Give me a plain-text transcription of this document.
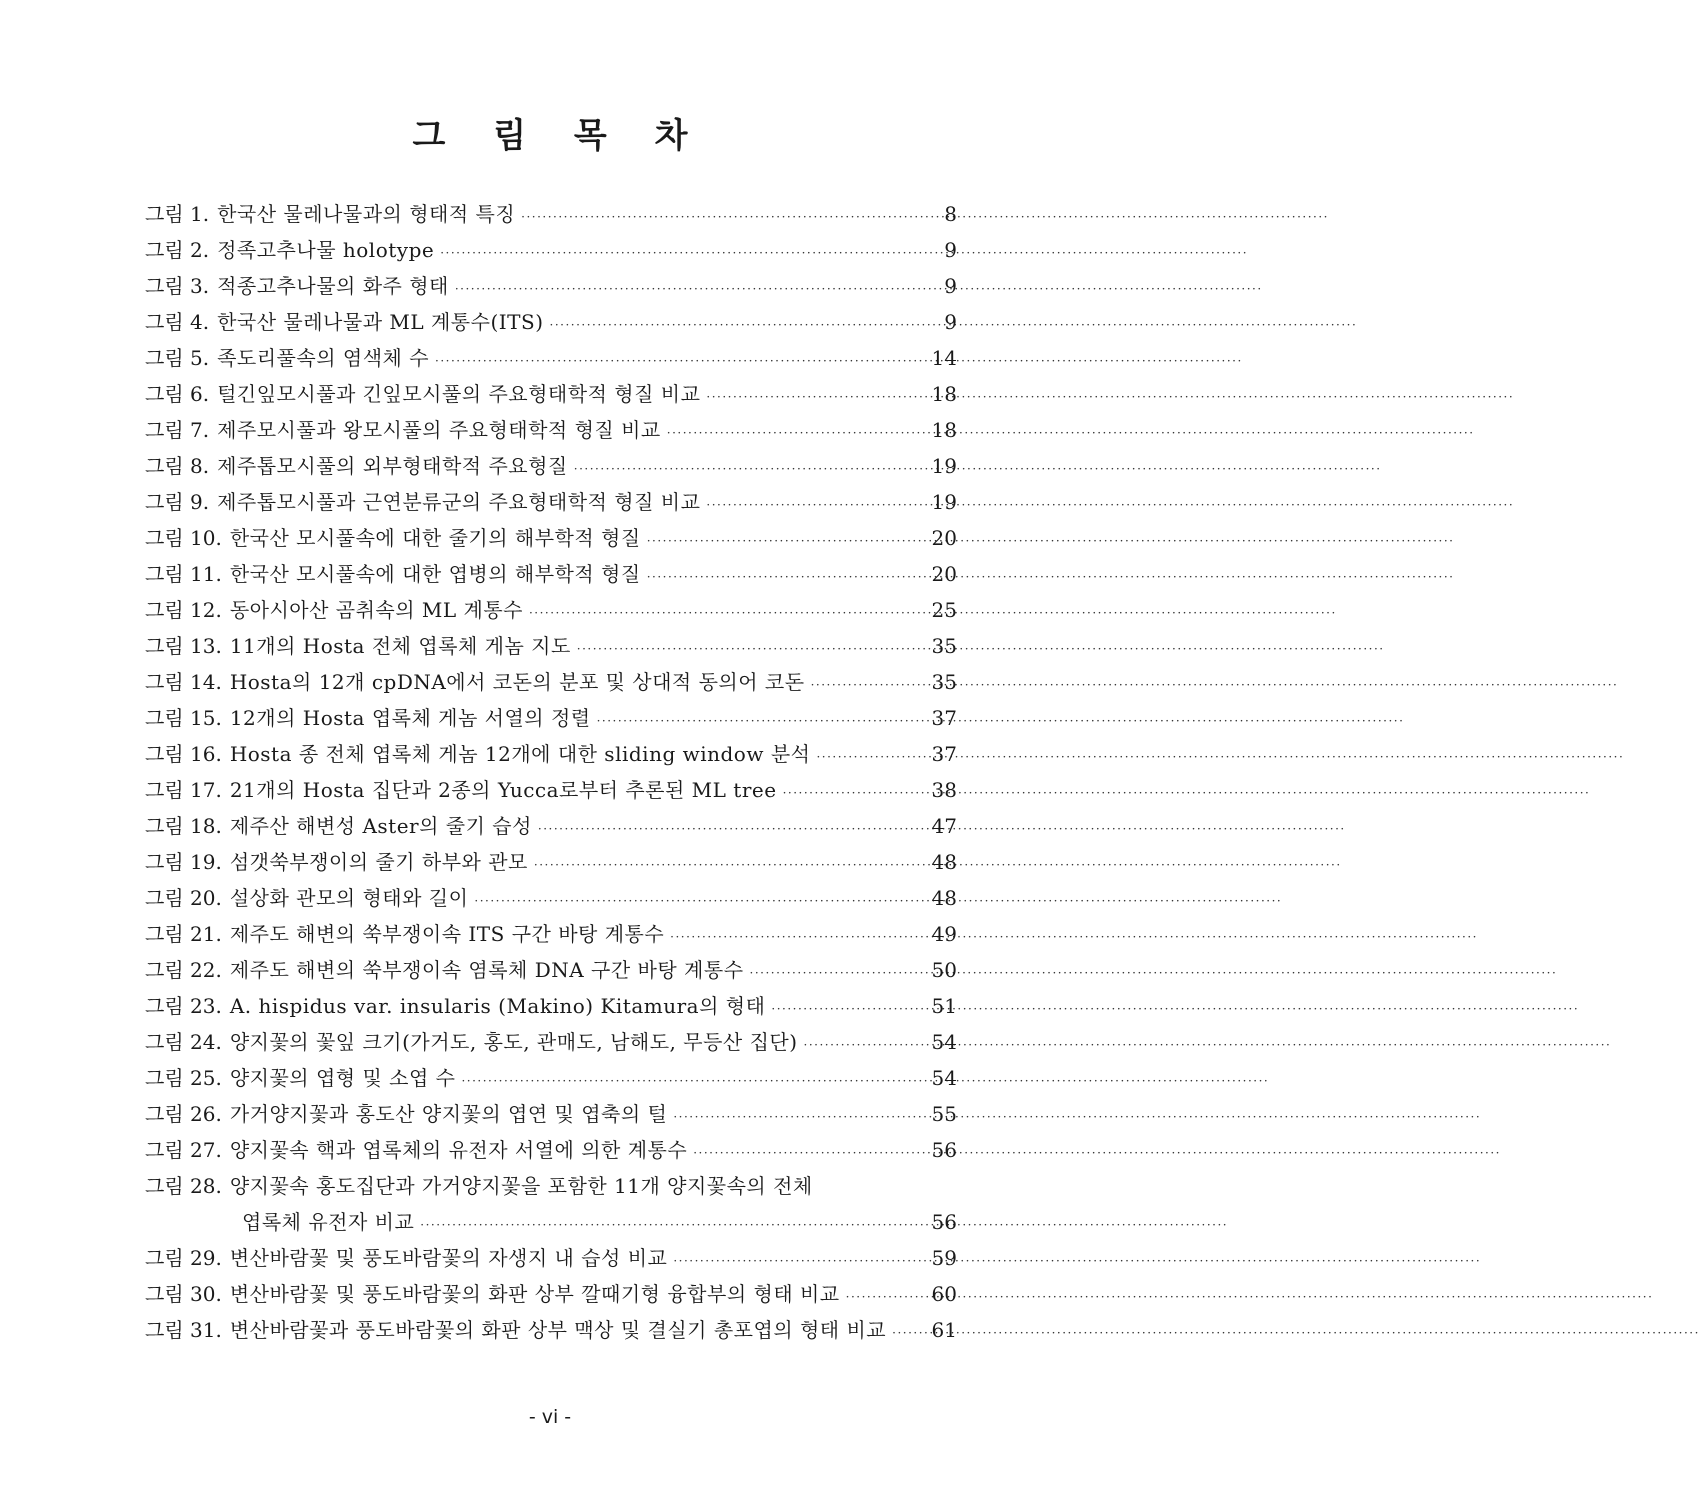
그 림 목 차
그림 1. 한국산 물레나물과의 형태적 특징 ·····	8
그림 2. 정족고추나물 holotype ·····	9
그림 3. 적종고추나물의 화주 형태 ·····	9
그림 4. 한국산 물레나물과 ML 계통수(ITS) ·····	9
그림 5. 족도리풀속의 염색체 수 ·····	14
그림 6. 털긴잎모시풀과 긴잎모시풀의 주요형태학적 형질 비교 ·····	18
그림 7. 제주모시풀과 왕모시풀의 주요형태학적 형질 비교 ·····	18
그림 8. 제주톱모시풀의 외부형태학적 주요형질 ·····	19
그림 9. 제주톱모시풀과 근연분류군의 주요형태학적 형질 비교 ·····	19
그림 10. 한국산 모시풀속에 대한 줄기의 해부학적 형질 ·····	20
그림 11. 한국산 모시풀속에 대한 엽병의 해부학적 형질 ·····	20
그림 12. 동아시아산 곰취속의 ML 계통수 ·····	25
그림 13. 11개의 Hosta 전체 엽록체 게놈 지도 ·····	35
그림 14. Hosta의 12개 cpDNA에서 코돈의 분포 및 상대적 동의어 코돈 ·····	35
그림 15. 12개의 Hosta 엽록체 게놈 서열의 정렬 ·····	37
그림 16. Hosta 종 전체 엽록체 게놈 12개에 대한 sliding window 분석 ·····	37
그림 17. 21개의 Hosta 집단과 2종의 Yucca로부터 추론된 ML tree ·····	38
그림 18. 제주산 해변성 Aster의 줄기 습성 ·····	47
그림 19. 섬갯쑥부쟁이의 줄기 하부와 관모 ·····	48
그림 20. 설상화 관모의 형태와 길이 ·····	48
그림 21. 제주도 해변의 쑥부쟁이속 ITS 구간 바탕 계통수 ·····	49
그림 22. 제주도 해변의 쑥부쟁이속 염록체 DNA 구간 바탕 계통수 ·····	50
그림 23. A. hispidus var. insularis (Makino) Kitamura의 형태 ·····	51
그림 24. 양지꽃의 꽃잎 크기(가거도, 홍도, 관매도, 남해도, 무등산 집단) ·····	54
그림 25. 양지꽃의 엽형 및 소엽 수 ·····	54
그림 26. 가거양지꽃과 홍도산 양지꽃의 엽연 및 엽축의 털 ·····	55
그림 27. 양지꽃속 핵과 엽록체의 유전자 서열에 의한 계통수 ·····	56
그림 28. 양지꽃속 홍도집단과 가거양지꽃을 포함한 11개 양지꽃속의 전체
엽록체 유전자 비교 ·····	56
그림 29. 변산바람꽃 및 풍도바람꽃의 자생지 내 습성 비교 ·····	59
그림 30. 변산바람꽃 및 풍도바람꽃의 화판 상부 깔때기형 융합부의 형태 비교 ·····	60
그림 31. 변산바람꽃과 풍도바람꽃의 화판 상부 맥상 및 결실기 총포엽의 형태 비교 ····· 61
- vi -
